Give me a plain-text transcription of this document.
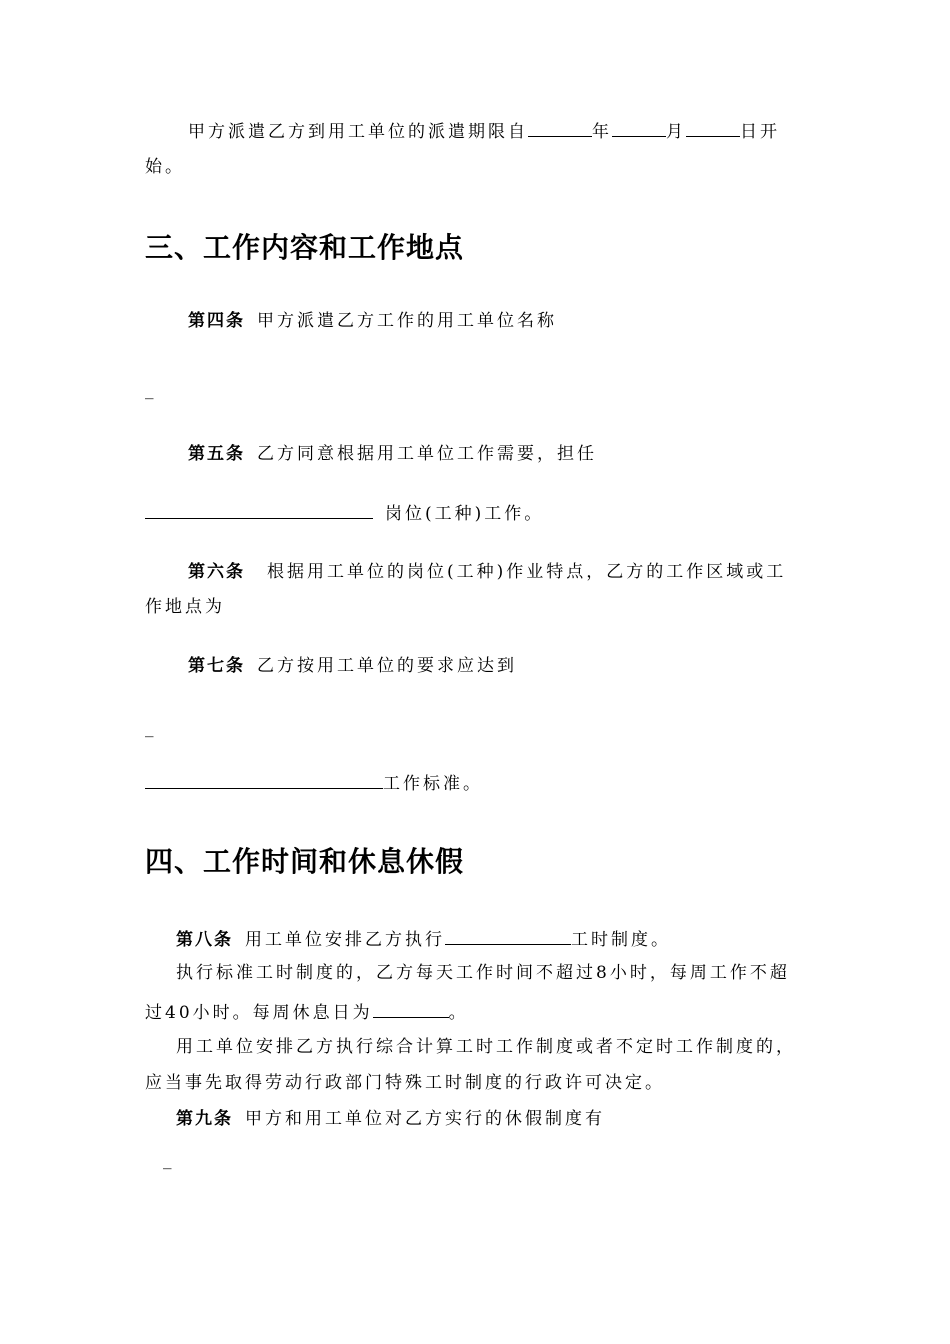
甲方派遣乙方到用工单位的派遣期限自	年	月	日开
始。
三、工作内容和工作地点
第四条 甲方派遣乙方工作的用工单位名称
_
第五条 乙方同意根据用工单位工作需要，担任
岗位(工种)工作。
第六条 根据用工单位的岗位(工种)作业特点，乙方的工作区域或工
作地点为
第七条 乙方按用工单位的要求应达到
_
工作标准。
四、工作时间和休息休假
第八条 用工单位安排乙方执行	工时制度。
执行标准工时制度的，乙方每天工作时间不超过8小时，每周工作不超
过40小时。每周休息日为	。
用工单位安排乙方执行综合计算工时工作制度或者不定时工作制度的，
应当事先取得劳动行政部门特殊工时制度的行政许可决定。
第九条 甲方和用工单位对乙方实行的休假制度有
_
